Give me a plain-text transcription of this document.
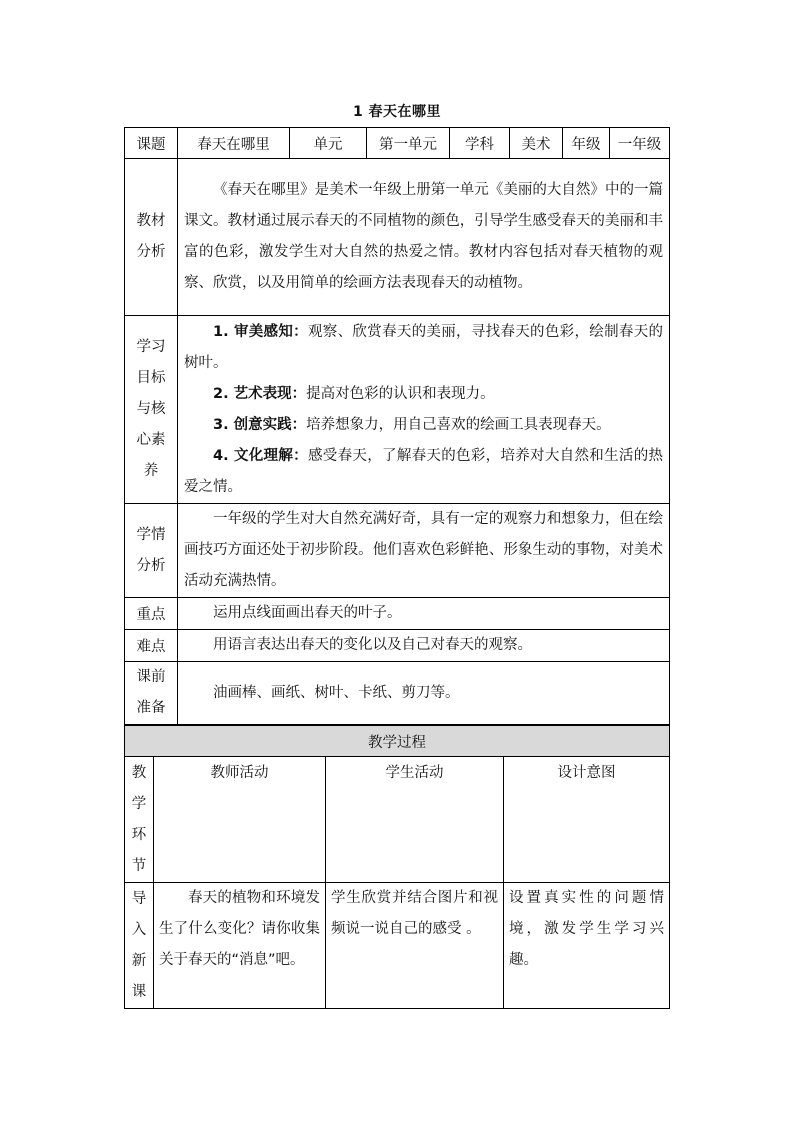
1 春天在哪里
课题	春天在哪里	单元	第一单元	学科	美术	年级	一年级

教材
分析	《春天在哪里》是美术一年级上册第一单元《美丽的大自然》中的一篇课文。教材通过展示春天的不同植物的颜色，引导学生感受春天的美丽和丰富的色彩，激发学生对大自然的热爱之情。教材内容包括对春天植物的观察、欣赏，以及用简单的绘画方法表现春天的动植物。						

学习
目标
与核
心素
养	1. 审美感知：观察、欣赏春天的美丽，寻找春天的色彩，绘制春天的树叶。
2. 艺术表现：提高对色彩的认识和表现力。
3. 创意实践：培养想象力，用自己喜欢的绘画工具表现春天。
4. 文化理解：感受春天，了解春天的色彩，培养对大自然和生活的热爱之情。						

学情
分析	一年级的学生对大自然充满好奇，具有一定的观察力和想象力，但在绘画技巧方面还处于初步阶段。他们喜欢色彩鲜艳、形象生动的事物，对美术活动充满热情。						
重点	运用点线面画出春天的叶子。						
难点	用语言表达出春天的变化以及自己对春天的观察。						

课前
准备	油画棒、画纸、树叶、卡纸、剪刀等。						
教学过程			

教
学
环
节	教师活动	学生活动	设计意图

导
入
新
课	春天的植物和环境发生了什么变化？请你收集关于春天的“消息”吧。	学生欣赏并结合图片和视频说一说自己的感受 。	设置真实性的问题情境，激发学生学习兴趣。
